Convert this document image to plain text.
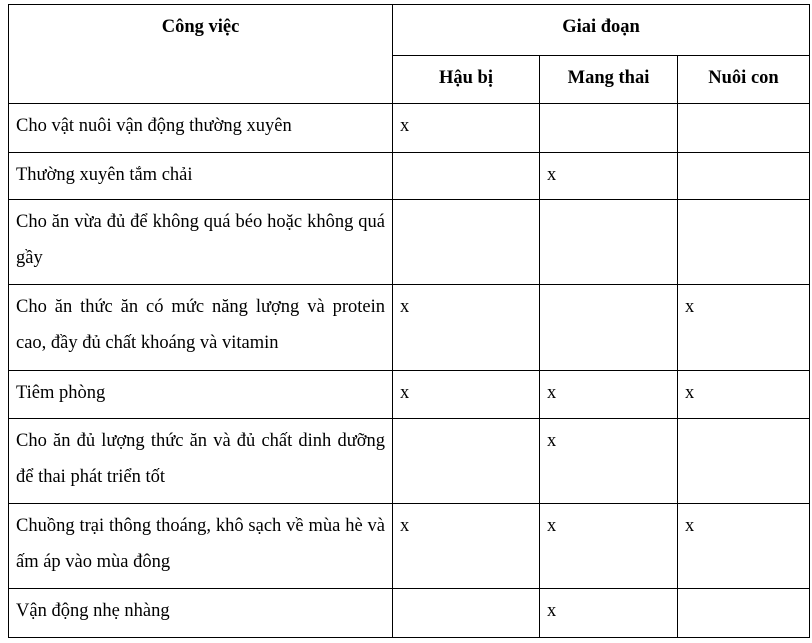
Công việc	Giai đoạn		
	Hậu bị	Mang thai	Nuôi con
Cho vật nuôi vận động thường xuyên	x		
Thường xuyên tắm chải		x	
Cho ăn vừa đủ để không quá béo hoặc không quá gầy			
Cho ăn thức ăn có mức năng lượng và protein cao, đầy đủ chất khoáng và vitamin	x		x
Tiêm phòng	x	x	x
Cho ăn đủ lượng thức ăn và đủ chất dinh dưỡng để thai phát triển tốt		x	
Chuồng trại thông thoáng, khô sạch về mùa hè và ấm áp vào mùa đông	x	x	x
Vận động nhẹ nhàng		x	
